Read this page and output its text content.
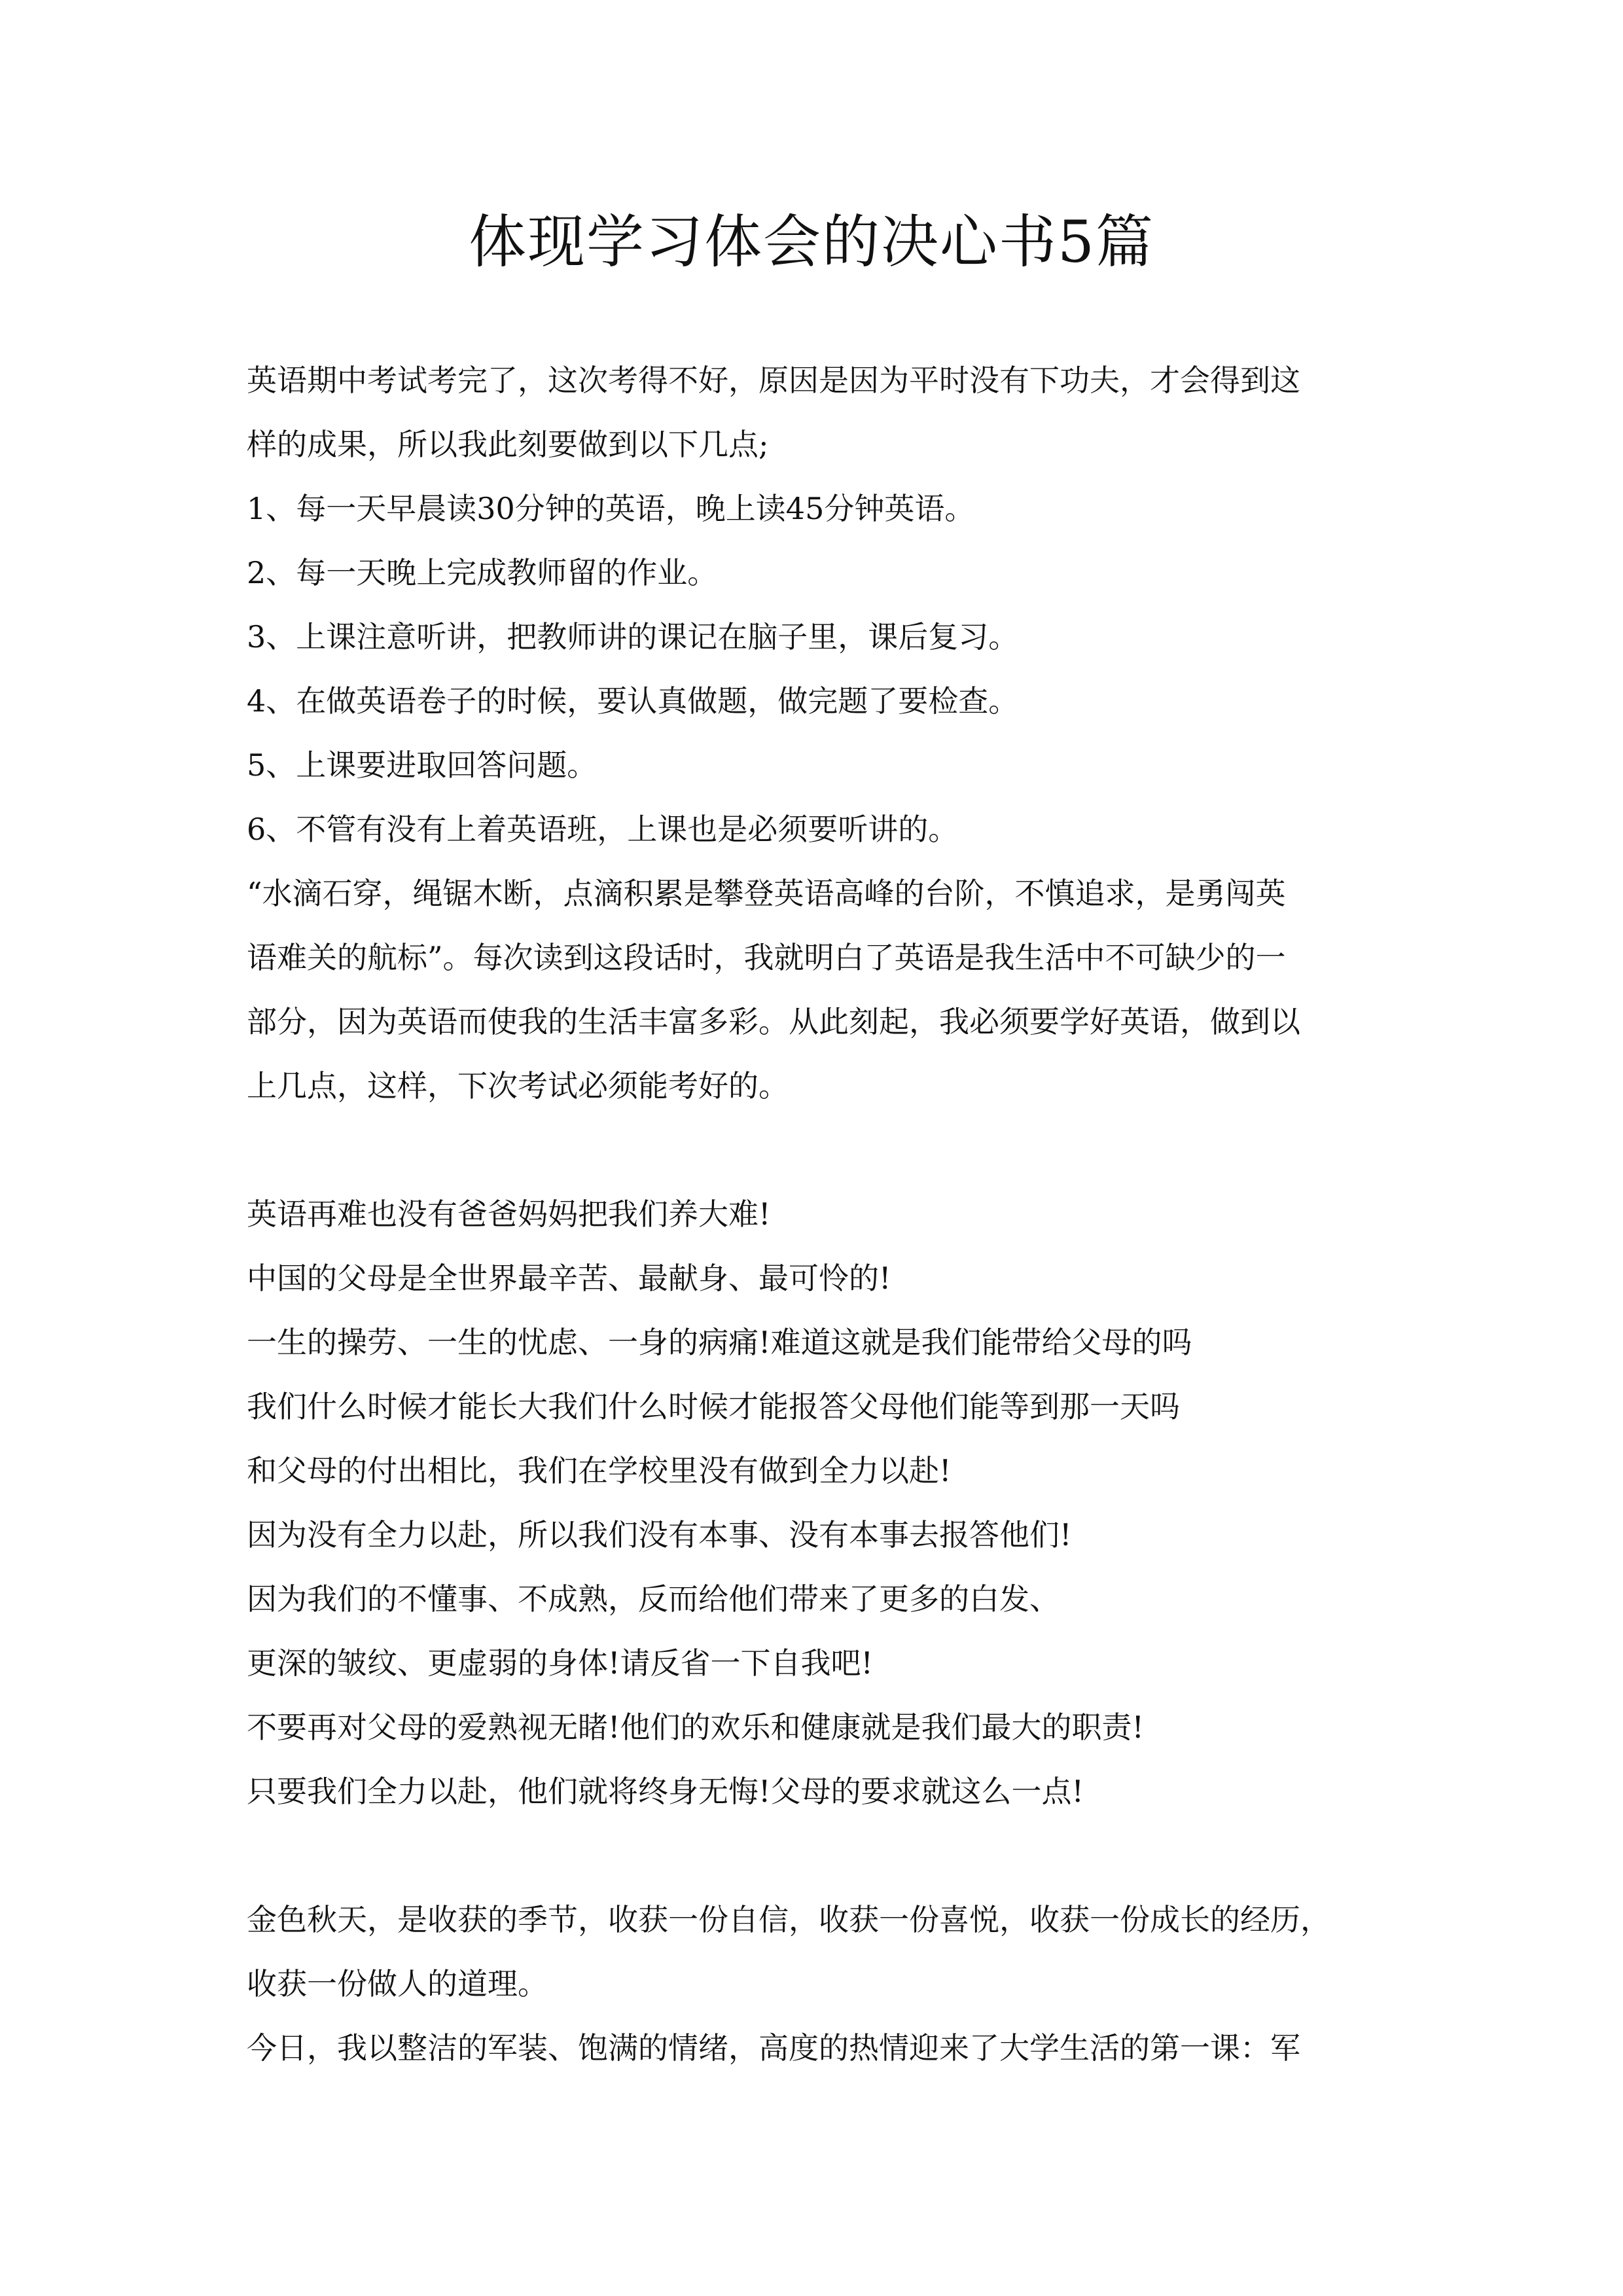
体现学习体会的决心书5篇
英语期中考试考完了，这次考得不好，原因是因为平时没有下功夫，才会得到这
样的成果，所以我此刻要做到以下几点;
1、每一天早晨读30分钟的英语，晚上读45分钟英语。
2、每一天晚上完成教师留的作业。
3、上课注意听讲，把教师讲的课记在脑子里，课后复习。
4、在做英语卷子的时候，要认真做题，做完题了要检查。
5、上课要进取回答问题。
6、不管有没有上着英语班，上课也是必须要听讲的。
“水滴石穿，绳锯木断，点滴积累是攀登英语高峰的台阶，不慎追求，是勇闯英
语难关的航标”。每次读到这段话时，我就明白了英语是我生活中不可缺少的一
部分，因为英语而使我的生活丰富多彩。从此刻起，我必须要学好英语，做到以
上几点，这样，下次考试必须能考好的。
英语再难也没有爸爸妈妈把我们养大难!
中国的父母是全世界最辛苦、最献身、最可怜的!
一生的操劳、一生的忧虑、一身的病痛!难道这就是我们能带给父母的吗
我们什么时候才能长大我们什么时候才能报答父母他们能等到那一天吗
和父母的付出相比，我们在学校里没有做到全力以赴!
因为没有全力以赴，所以我们没有本事、没有本事去报答他们!
因为我们的不懂事、不成熟，反而给他们带来了更多的白发、
更深的皱纹、更虚弱的身体!请反省一下自我吧!
不要再对父母的爱熟视无睹!他们的欢乐和健康就是我们最大的职责!
只要我们全力以赴，他们就将终身无悔!父母的要求就这么一点!
金色秋天，是收获的季节，收获一份自信，收获一份喜悦，收获一份成长的经历，
收获一份做人的道理。
今日，我以整洁的军装、饱满的情绪，高度的热情迎来了大学生活的第一课：军
